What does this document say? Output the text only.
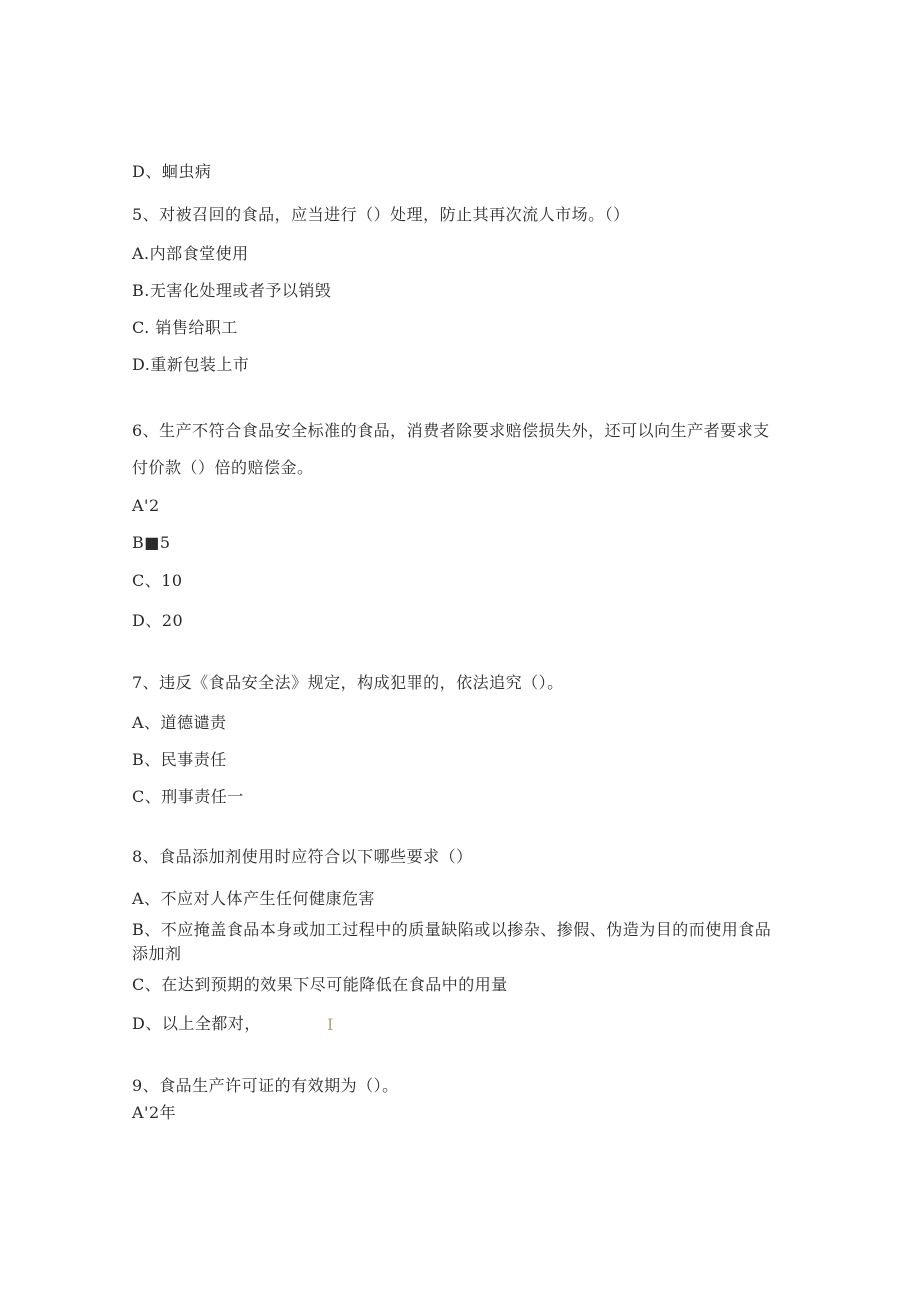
D、蛔虫病
5、对被召回的食品，应当进行（）处理，防止其再次流人市场。（）
A.内部食堂使用
B.无害化处理或者予以销毁
C. 销售给职工
D.重新包装上市
6、生产不符合食品安全标准的食品，消费者除要求赔偿损失外，还可以向生产者要求支付价款（）倍的赔偿金。
A'2
B■5
C、10
D、20
7、违反《食品安全法》规定，构成犯罪的，依法追究（）。
A、道德谴责
B、民事责任
C、刑事责任一
8、食品添加剂使用时应符合以下哪些要求（）
A、不应对人体产生任何健康危害
B、不应掩盖食品本身或加工过程中的质量缺陷或以掺杂、掺假、伪造为目的而使用食品添加剂
C、在达到预期的效果下尽可能降低在食品中的用量
D、以上全都对，	I
9、食品生产许可证的有效期为（）。
A'2年
